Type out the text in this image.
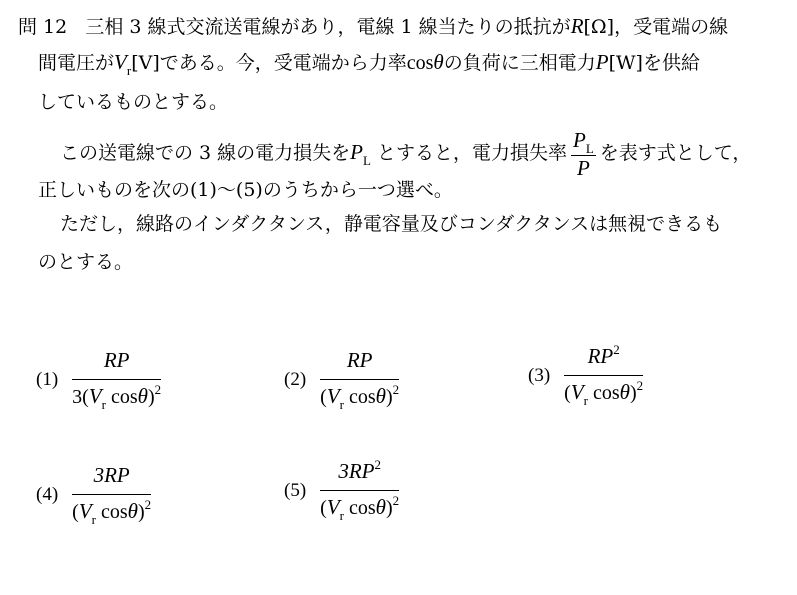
問 12 三相 3 線式交流送電線があり，電線 1 線当たりの抵抗がR[Ω]，受電端の線
間電圧が$V_r[V]$である。今，受電端から力率cosθの負荷に三相電力P[W]を供給
しているものとする。
この送電線での 3 線の電力損失を$P_L$ とすると，電力損失率 $\frac{P_L}{P}$ を表す式として，
正しいものを次の(1)～(5)のうちから一つ選べ。
ただし，線路のインダクタンス，静電容量及びコンダクタンスは無視できるも
のとする。
$(1) \frac{RP}{3(V_r \cos\theta)^2}$	$(2) \frac{RP}{(V_r \cos\theta)^2}$	$(3) \frac{RP^2}{(V_r \cos\theta)^2}$
$(4) \frac{3RP}{(V_r \cos\theta)^2}$	$(5) \frac{3RP^2}{(V_r \cos\theta)^2}$
